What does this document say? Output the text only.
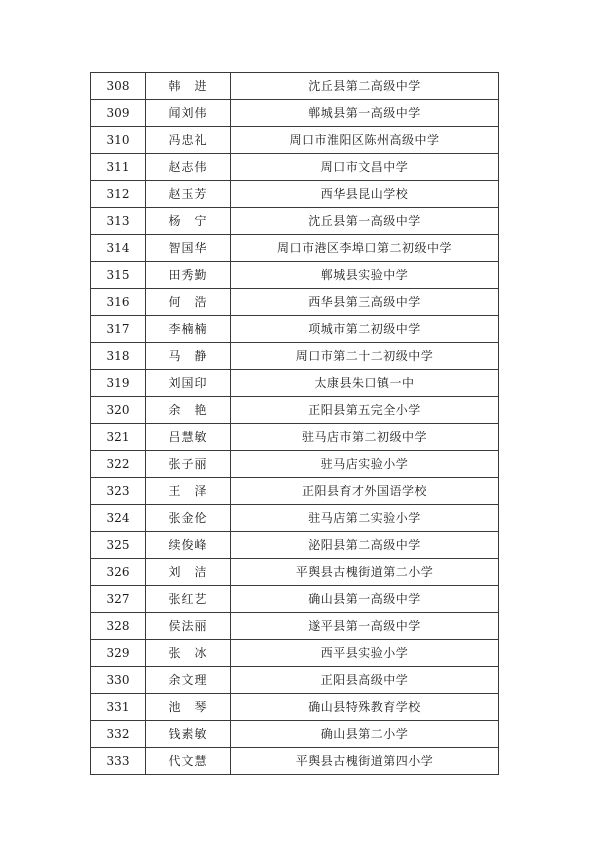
308	韩　进	沈丘县第二高级中学
309	闻刘伟	郸城县第一高级中学
310	冯忠礼	周口市淮阳区陈州高级中学
311	赵志伟	周口市文昌中学
312	赵玉芳	西华县昆山学校
313	杨　宁	沈丘县第一高级中学
314	智国华	周口市港区李埠口第二初级中学
315	田秀勤	郸城县实验中学
316	何　浩	西华县第三高级中学
317	李楠楠	项城市第二初级中学
318	马　静	周口市第二十二初级中学
319	刘国印	太康县朱口镇一中
320	余　艳	正阳县第五完全小学
321	吕慧敏	驻马店市第二初级中学
322	张子丽	驻马店实验小学
323	王　泽	正阳县育才外国语学校
324	张金伦	驻马店第二实验小学
325	续俊峰	泌阳县第二高级中学
326	刘　洁	平舆县古槐街道第二小学
327	张红艺	确山县第一高级中学
328	侯法丽	遂平县第一高级中学
329	张　冰	西平县实验小学
330	余文理	正阳县高级中学
331	池　琴	确山县特殊教育学校
332	钱素敏	确山县第二小学
333	代文慧	平舆县古槐街道第四小学
